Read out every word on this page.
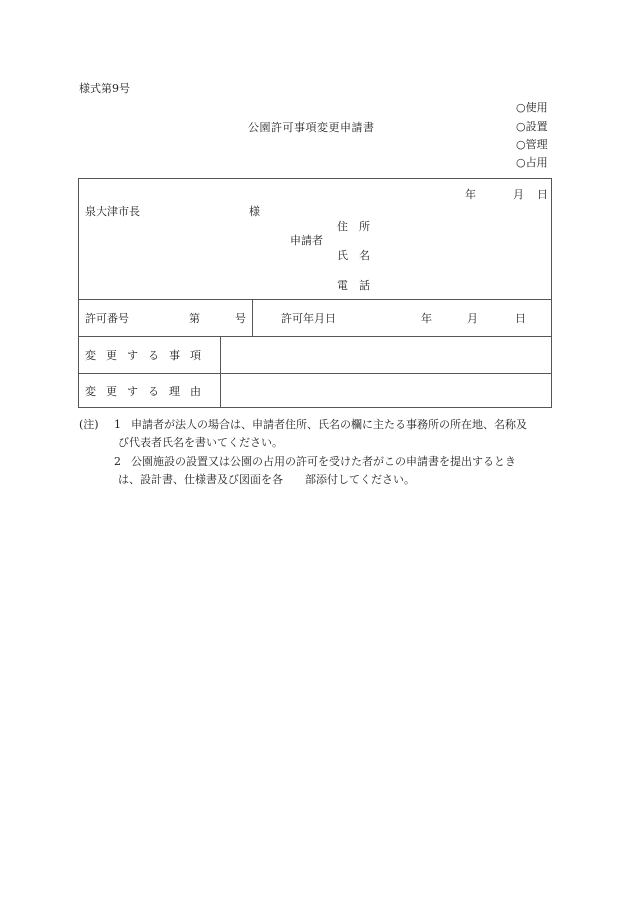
様式第9号
公園許可事項変更申請書
○使用
○設置
○管理
○占用
年	月 日
泉大津市長	様
申請者
住　所
氏　名
電　話
許可番号	第	号	許可年月日	年	月	日
変更する事項
変更する理由
(注) 1 申請者が法人の場合は、申請者住所、氏名の欄に主たる事務所の所在地、名称及
び代表者氏名を書いてください。
2 公園施設の設置又は公園の占用の許可を受けた者がこの申請書を提出するとき
は、設計書、仕様書及び図面を各　　部添付してください。
